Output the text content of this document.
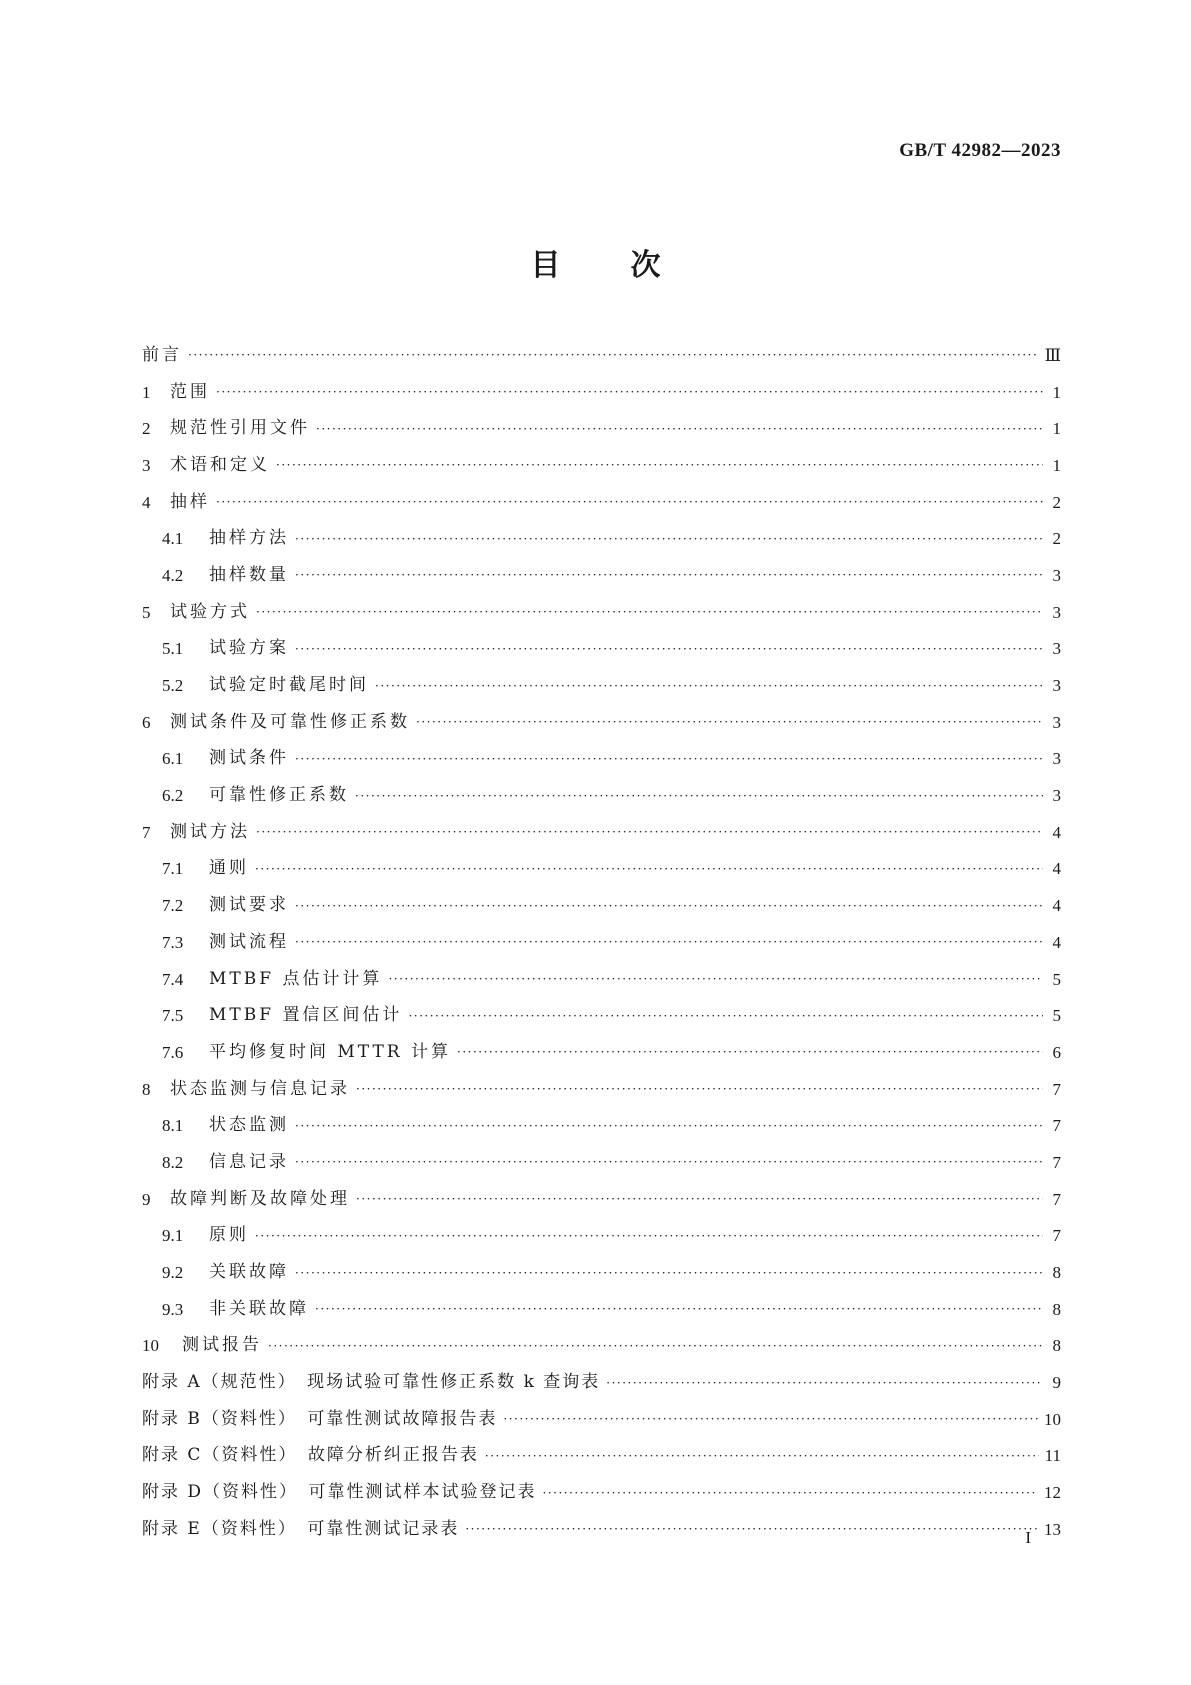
GB/T 42982—2023
目 次
前言 ·····	Ⅲ
1	范围 ·····	1
2	规范性引用文件 ·····	1
3	术语和定义 ·····	1
4	抽样 ·····	2
4.1	抽样方法 ·····	2
4.2	抽样数量 ·····	3
5	试验方式 ·····	3
5.1	试验方案 ·····	3
5.2	试验定时截尾时间 ·····	3
6	测试条件及可靠性修正系数 ·····	3
6.1	测试条件 ·····	3
6.2	可靠性修正系数 ·····	3
7	测试方法 ·····	4
7.1	通则 ·····	4
7.2	测试要求 ·····	4
7.3	测试流程 ·····	4
7.4	MTBF 点估计计算 ·····	5
7.5	MTBF 置信区间估计 ·····	5
7.6	平均修复时间 MTTR 计算 ·····	6
8	状态监测与信息记录 ·····	7
8.1	状态监测 ·····	7
8.2	信息记录 ·····	7
9	故障判断及故障处理 ·····	7
9.1	原则 ·····	7
9.2	关联故障 ·····	8
9.3	非关联故障 ·····	8
10	测试报告 ·····	8
附录 A（规范性）　现场试验可靠性修正系数 k 查询表 ·····	9
附录 B（资料性）　可靠性测试故障报告表 ·····	10
附录 C（资料性）　故障分析纠正报告表 ·····	11
附录 D（资料性）　可靠性测试样本试验登记表 ·····	12
附录 E（资料性）　可靠性测试记录表 ·····	13
I
